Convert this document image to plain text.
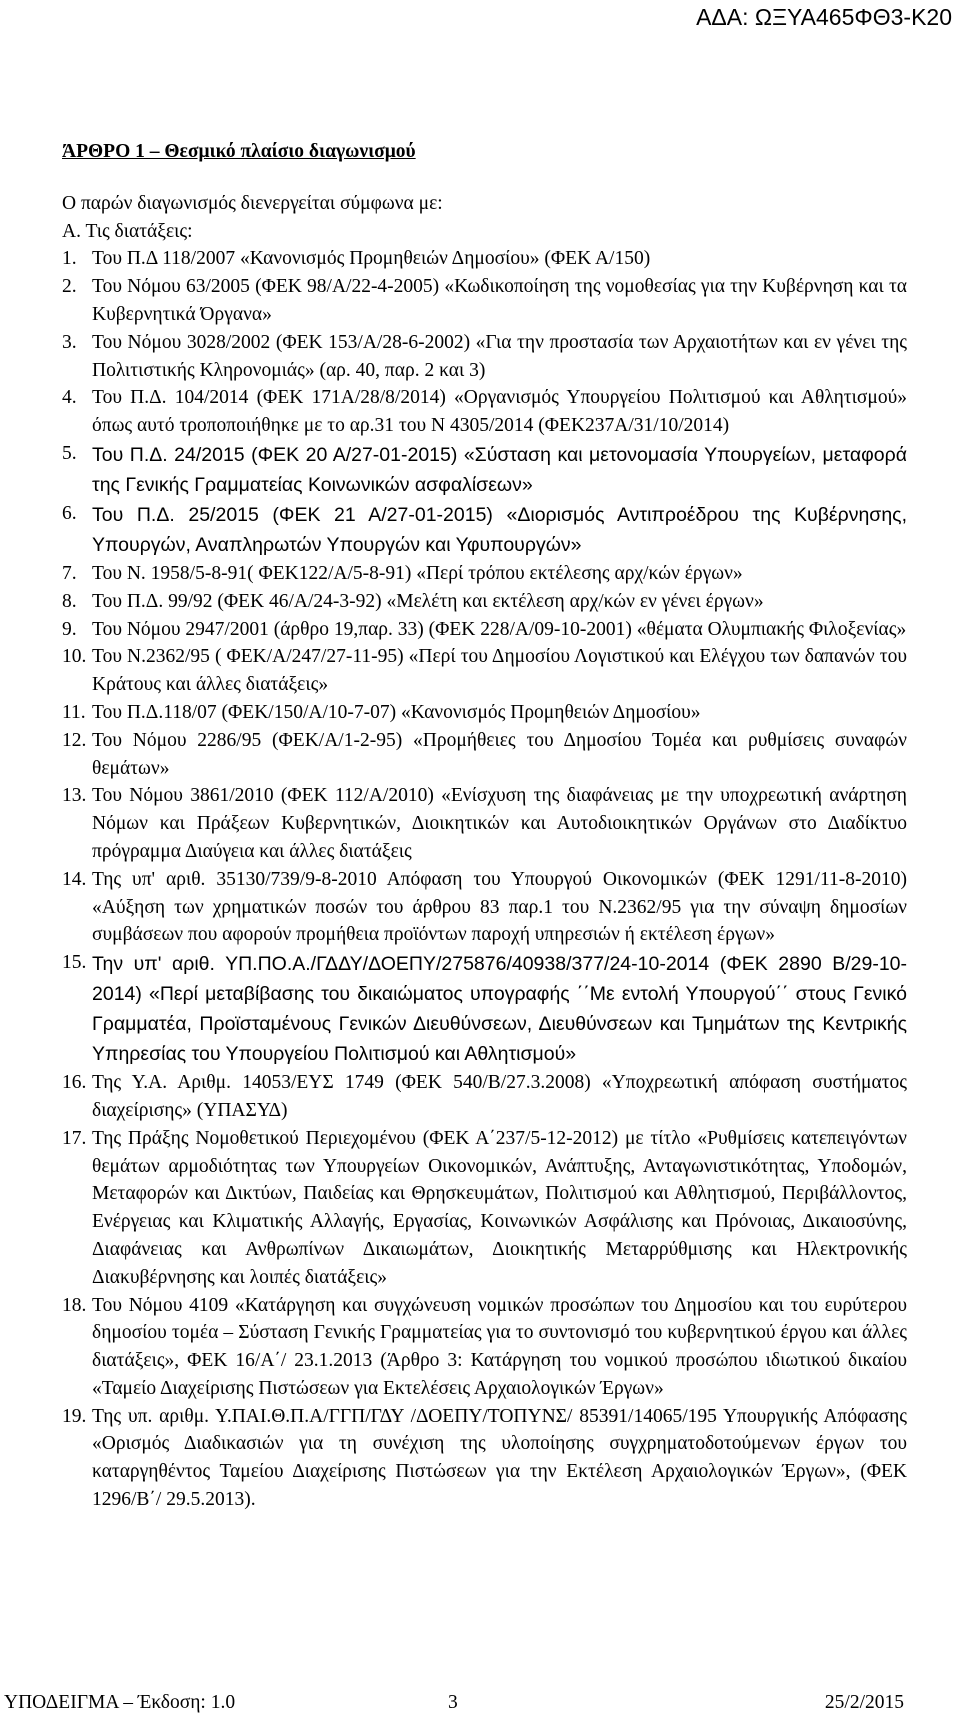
ΑΔΑ: ΩΞΥΑ465ΦΘ3-Κ20
ΆΡΘΡΟ 1 – Θεσμικό πλαίσιο διαγωνισμού

Ο παρών διαγωνισμός διενεργείται σύμφωνα με:

Α. Τις διατάξεις:

1. Του Π.Δ 118/2007 «Κανονισμός Προμηθειών Δημοσίου» (ΦΕΚ Α/150)
2. Του Νόμου 63/2005 (ΦΕΚ 98/Α/22-4-2005) «Κωδικοποίηση της νομοθεσίας για την Κυβέρνηση και τα Κυβερνητικά Όργανα»
3. Του Νόμου 3028/2002 (ΦΕΚ 153/Α/28-6-2002) «Για την προστασία των Αρχαιοτήτων και εν γένει της Πολιτιστικής Κληρονομιάς» (αρ. 40, παρ. 2 και 3)
4. Του Π.Δ. 104/2014 (ΦΕΚ 171Α/28/8/2014) «Οργανισμός Υπουργείου Πολιτισμού και Αθλητισμού» όπως αυτό τροποποιήθηκε με το αρ.31 του Ν 4305/2014 (ΦΕΚ237Α/31/10/2014)
5. Του Π.Δ. 24/2015 (ΦΕΚ 20 Α/27-01-2015) «Σύσταση και μετονομασία Υπουργείων, μεταφορά της Γενικής Γραμματείας Κοινωνικών ασφαλίσεων»
6. Του Π.Δ. 25/2015 (ΦΕΚ 21 Α/27-01-2015) «Διορισμός Αντιπροέδρου της Κυβέρνησης, Υπουργών, Αναπληρωτών Υπουργών και Υφυπουργών»
7. Του Ν. 1958/5-8-91( ΦΕΚ122/Α/5-8-91) «Περί τρόπου εκτέλεσης αρχ/κών έργων»
8. Του Π.Δ. 99/92 (ΦΕΚ 46/Α/24-3-92) «Μελέτη και εκτέλεση αρχ/κών εν γένει έργων»
9. Του Νόμου 2947/2001 (άρθρο 19,παρ. 33) (ΦΕΚ 228/Α/09-10-2001) «θέματα Ολυμπιακής Φιλοξενίας»
10. Του Ν.2362/95 ( ΦΕΚ/Α/247/27-11-95) «Περί του Δημοσίου Λογιστικού και Ελέγχου των δαπανών του Κράτους και άλλες διατάξεις»
11. Του Π.Δ.118/07 (ΦΕΚ/150/Α/10-7-07) «Κανονισμός Προμηθειών Δημοσίου»
12. Του Νόμου 2286/95 (ΦΕΚ/Α/1-2-95) «Προμήθειες του Δημοσίου Τομέα και ρυθμίσεις συναφών θεμάτων»
13. Του Νόμου 3861/2010 (ΦΕΚ 112/Α/2010) «Ενίσχυση της διαφάνειας με την υποχρεωτική ανάρτηση Νόμων και Πράξεων Κυβερνητικών, Διοικητικών και Αυτοδιοικητικών Οργάνων στο Διαδίκτυο πρόγραμμα Διαύγεια και άλλες διατάξεις
14. Της υπ' αριθ. 35130/739/9-8-2010 Απόφαση του Υπουργού Οικονομικών (ΦΕΚ 1291/11-8-2010) «Αύξηση των χρηματικών ποσών του άρθρου 83 παρ.1 του Ν.2362/95 για την σύναψη δημοσίων συμβάσεων που αφορούν προμήθεια προϊόντων παροχή υπηρεσιών ή εκτέλεση έργων»
15. Την υπ' αριθ. ΥΠ.ΠΟ.Α./ΓΔΔΥ/ΔΟΕΠΥ/275876/40938/377/24-10-2014 (ΦΕΚ 2890 Β/29-10-2014) «Περί μεταβίβασης του δικαιώματος υπογραφής ΄΄Με εντολή Υπουργού΄΄ στους Γενικό Γραμματέα, Προϊσταμένους Γενικών Διευθύνσεων, Διευθύνσεων και Τμημάτων της Κεντρικής Υπηρεσίας του Υπουργείου Πολιτισμού και Αθλητισμού»
16. Της Υ.Α. Αριθμ. 14053/ΕΥΣ 1749 (ΦΕΚ 540/Β/27.3.2008) «Υποχρεωτική απόφαση συστήματος διαχείρισης» (ΥΠΑΣΥΔ)
17. Της Πράξης Νομοθετικού Περιεχομένου (ΦΕΚ Α΄237/5-12-2012) με τίτλο «Ρυθμίσεις κατεπειγόντων θεμάτων αρμοδιότητας των Υπουργείων Οικονομικών, Ανάπτυξης, Ανταγωνιστικότητας, Υποδομών, Μεταφορών και Δικτύων, Παιδείας και Θρησκευμάτων, Πολιτισμού και Αθλητισμού, Περιβάλλοντος, Ενέργειας και Κλιματικής Αλλαγής, Εργασίας, Κοινωνικών Ασφάλισης και Πρόνοιας, Δικαιοσύνης, Διαφάνειας και Ανθρωπίνων Δικαιωμάτων, Διοικητικής Μεταρρύθμισης και Ηλεκτρονικής Διακυβέρνησης και λοιπές διατάξεις»
18. Του Νόμου 4109 «Κατάργηση και συγχώνευση νομικών προσώπων του Δημοσίου και του ευρύτερου δημοσίου τομέα – Σύσταση Γενικής Γραμματείας για το συντονισμό του κυβερνητικού έργου και άλλες διατάξεις», ΦΕΚ 16/Α΄/ 23.1.2013 (Άρθρο 3: Κατάργηση του νομικού προσώπου ιδιωτικού δικαίου «Ταμείο Διαχείρισης Πιστώσεων για Εκτελέσεις Αρχαιολογικών Έργων»
19. Της υπ. αριθμ. Υ.ΠΑΙ.Θ.Π.Α/ΓΓΠ/ΓΔΥ /ΔΟΕΠΥ/ΤΟΠΥΝΣ/ 85391/14065/195 Υπουργικής Απόφασης «Ορισμός Διαδικασιών για τη συνέχιση της υλοποίησης συγχρηματοδοτούμενων έργων του καταργηθέντος Ταμείου Διαχείρισης Πιστώσεων για την Εκτέλεση Αρχαιολογικών Έργων», (ΦΕΚ 1296/Β΄/ 29.5.2013).
ΥΠΟΔΕΙΓΜΑ – Έκδοση: 1.0	3	25/2/2015
